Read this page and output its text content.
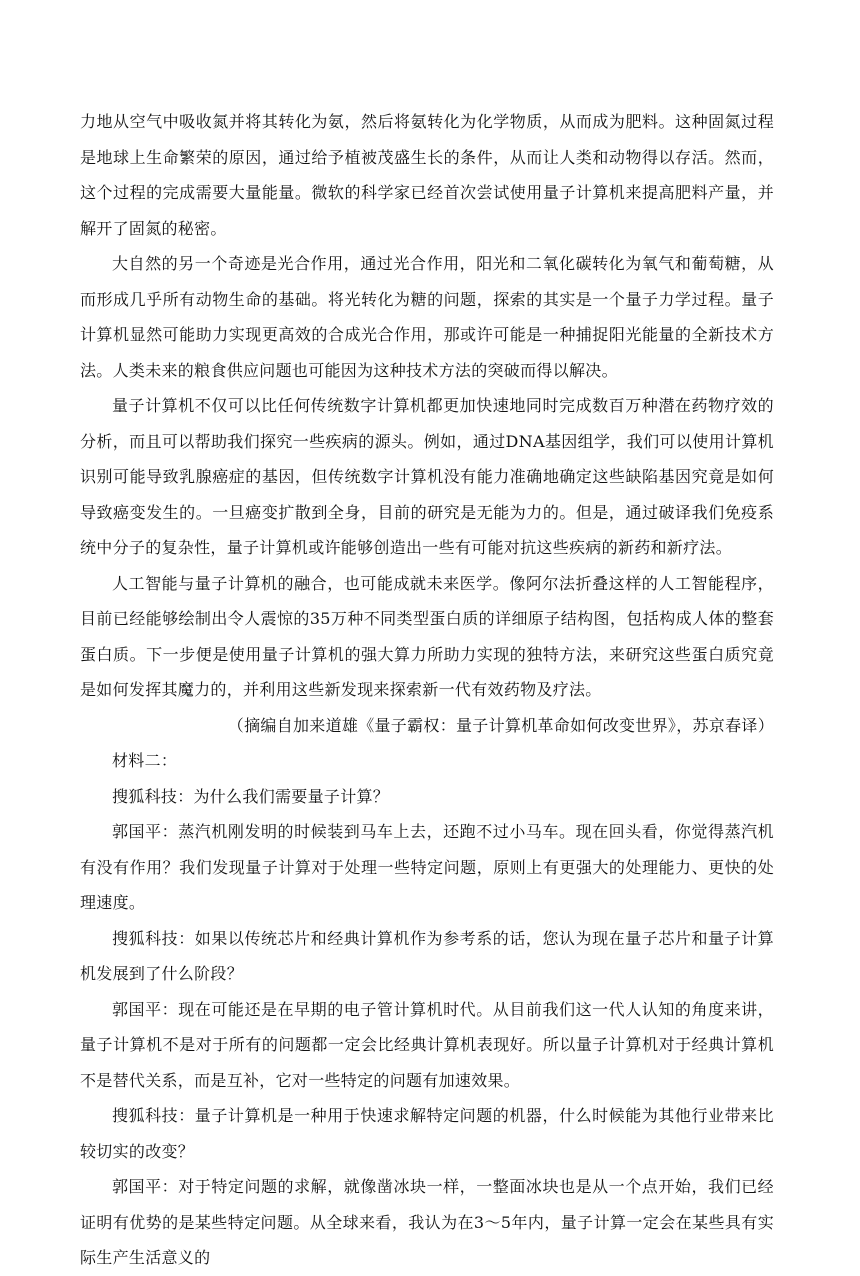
力地从空气中吸收氮并将其转化为氨，然后将氨转化为化学物质，从而成为肥料。这种固氮过程是地球上生命繁荣的原因，通过给予植被茂盛生长的条件，从而让人类和动物得以存活。然而，这个过程的完成需要大量能量。微软的科学家已经首次尝试使用量子计算机来提高肥料产量，并解开了固氮的秘密。

大自然的另一个奇迹是光合作用，通过光合作用，阳光和二氧化碳转化为氧气和葡萄糖，从而形成几乎所有动物生命的基础。将光转化为糖的问题，探索的其实是一个量子力学过程。量子计算机显然可能助力实现更高效的合成光合作用，那或许可能是一种捕捉阳光能量的全新技术方法。人类未来的粮食供应问题也可能因为这种技术方法的突破而得以解决。

量子计算机不仅可以比任何传统数字计算机都更加快速地同时完成数百万种潜在药物疗效的分析，而且可以帮助我们探究一些疾病的源头。例如，通过DNA基因组学，我们可以使用计算机识别可能导致乳腺癌症的基因，但传统数字计算机没有能力准确地确定这些缺陷基因究竟是如何导致癌变发生的。一旦癌变扩散到全身，目前的研究是无能为力的。但是，通过破译我们免疫系统中分子的复杂性，量子计算机或许能够创造出一些有可能对抗这些疾病的新药和新疗法。

人工智能与量子计算机的融合，也可能成就未来医学。像阿尔法折叠这样的人工智能程序，目前已经能够绘制出令人震惊的35万种不同类型蛋白质的详细原子结构图，包括构成人体的整套蛋白质。下一步便是使用量子计算机的强大算力所助力实现的独特方法，来研究这些蛋白质究竟是如何发挥其魔力的，并利用这些新发现来探索新一代有效药物及疗法。

（摘编自加来道雄《量子霸权：量子计算机革命如何改变世界》，苏京春译）

材料二：

搜狐科技：为什么我们需要量子计算？

郭国平：蒸汽机刚发明的时候装到马车上去，还跑不过小马车。现在回头看，你觉得蒸汽机有没有作用？我们发现量子计算对于处理一些特定问题，原则上有更强大的处理能力、更快的处理速度。

搜狐科技：如果以传统芯片和经典计算机作为参考系的话，您认为现在量子芯片和量子计算机发展到了什么阶段？

郭国平：现在可能还是在早期的电子管计算机时代。从目前我们这一代人认知的角度来讲，量子计算机不是对于所有的问题都一定会比经典计算机表现好。所以量子计算机对于经典计算机不是替代关系，而是互补，它对一些特定的问题有加速效果。

搜狐科技：量子计算机是一种用于快速求解特定问题的机器，什么时候能为其他行业带来比较切实的改变？

郭国平：对于特定问题的求解，就像凿冰块一样，一整面冰块也是从一个点开始，我们已经证明有优势的是某些特定问题。从全球来看，我认为在3～5年内，量子计算一定会在某些具有实际生产生活意义的
